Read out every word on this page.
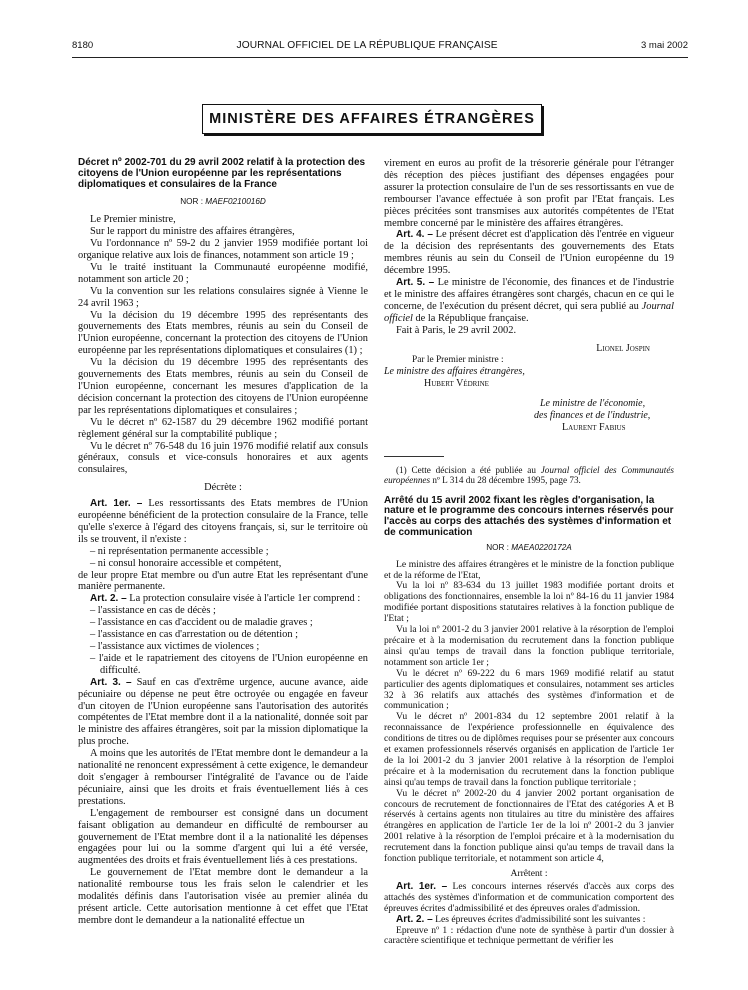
8180	JOURNAL OFFICIEL DE LA RÉPUBLIQUE FRANÇAISE	3 mai 2002
MINISTÈRE DES AFFAIRES ÉTRANGÈRES

Décret nº 2002-701 du 29 avril 2002 relatif à la protection des citoyens de l'Union européenne par les représentations diplomatiques et consulaires de la France

NOR : MAEF0210016D

Le Premier ministre,

Sur le rapport du ministre des affaires étrangères,

Vu l'ordonnance nº 59-2 du 2 janvier 1959 modifiée portant loi organique relative aux lois de finances, notamment son article 19 ;

Vu le traité instituant la Communauté européenne modifié, notamment son article 20 ;

Vu la convention sur les relations consulaires signée à Vienne le 24 avril 1963 ;

Vu la décision du 19 décembre 1995 des représentants des gouvernements des Etats membres, réunis au sein du Conseil de l'Union européenne, concernant la protection des citoyens de l'Union européenne par les représentations diplomatiques et consulaires (1) ;

Vu la décision du 19 décembre 1995 des représentants des gouvernements des Etats membres, réunis au sein du Conseil de l'Union européenne, concernant les mesures d'application de la décision concernant la protection des citoyens de l'Union européenne par les représentations diplomatiques et consulaires ;

Vu le décret nº 62-1587 du 29 décembre 1962 modifié portant règlement général sur la comptabilité publique ;

Vu le décret nº 76-548 du 16 juin 1976 modifié relatif aux consuls généraux, consuls et vice-consuls honoraires et aux agents consulaires,

Décrète :

Art. 1er. – Les ressortissants des Etats membres de l'Union européenne bénéficient de la protection consulaire de la France, telle qu'elle s'exerce à l'égard des citoyens français, si, sur le territoire où ils se trouvent, il n'existe :

– ni représentation permanente accessible ;

– ni consul honoraire accessible et compétent,

de leur propre Etat membre ou d'un autre Etat les représentant d'une manière permanente.

Art. 2. – La protection consulaire visée à l'article 1er comprend :

– l'assistance en cas de décès ;

– l'assistance en cas d'accident ou de maladie graves ;

– l'assistance en cas d'arrestation ou de détention ;

– l'assistance aux victimes de violences ;

– l'aide et le rapatriement des citoyens de l'Union européenne en difficulté.

Art. 3. – Sauf en cas d'extrême urgence, aucune avance, aide pécuniaire ou dépense ne peut être octroyée ou engagée en faveur d'un citoyen de l'Union européenne sans l'autorisation des autorités compétentes de l'Etat membre dont il a la nationalité, donnée soit par le ministre des affaires étrangères, soit par la mission diplomatique la plus proche.

A moins que les autorités de l'Etat membre dont le demandeur a la nationalité ne renoncent expressément à cette exigence, le demandeur doit s'engager à rembourser l'intégralité de l'avance ou de l'aide pécuniaire, ainsi que les droits et frais éventuellement liés à ces prestations.

L'engagement de rembourser est consigné dans un document faisant obligation au demandeur en difficulté de rembourser au gouvernement de l'Etat membre dont il a la nationalité les dépenses engagées pour lui ou la somme d'argent qui lui a été versée, augmentées des droits et frais éventuellement liés à ces prestations.

Le gouvernement de l'Etat membre dont le demandeur a la nationalité rembourse tous les frais selon le calendrier et les modalités définis dans l'autorisation visée au premier alinéa du présent article. Cette autorisation mentionne à cet effet que l'Etat membre dont le demandeur a la nationalité effectue un

virement en euros au profit de la trésorerie générale pour l'étranger dès réception des pièces justifiant des dépenses engagées pour assurer la protection consulaire de l'un de ses ressortissants en vue de rembourser l'avance effectuée à son profit par l'Etat français. Les pièces précitées sont transmises aux autorités compétentes de l'Etat membre concerné par le ministère des affaires étrangères.

Art. 4. – Le présent décret est d'application dès l'entrée en vigueur de la décision des représentants des gouvernements des Etats membres réunis au sein du Conseil de l'Union européenne du 19 décembre 1995.

Art. 5. – Le ministre de l'économie, des finances et de l'industrie et le ministre des affaires étrangères sont chargés, chacun en ce qui le concerne, de l'exécution du présent décret, qui sera publié au Journal officiel de la République française.

Fait à Paris, le 29 avril 2002.

Lionel Jospin

Par le Premier ministre :

Le ministre des affaires étrangères,

Hubert Védrine

Le ministre de l'économie,

des finances et de l'industrie,

Laurent Fabius

(1) Cette décision a été publiée au Journal officiel des Communautés européennes nº L 314 du 28 décembre 1995, page 73.

Arrêté du 15 avril 2002 fixant les règles d'organisation, la nature et le programme des concours internes réservés pour l'accès au corps des attachés des systèmes d'information et de communication

NOR : MAEA0220172A

Le ministre des affaires étrangères et le ministre de la fonction publique et de la réforme de l'Etat,

Vu la loi nº 83-634 du 13 juillet 1983 modifiée portant droits et obligations des fonctionnaires, ensemble la loi nº 84-16 du 11 janvier 1984 modifiée portant dispositions statutaires relatives à la fonction publique de l'Etat ;

Vu la loi nº 2001-2 du 3 janvier 2001 relative à la résorption de l'emploi précaire et à la modernisation du recrutement dans la fonction publique ainsi qu'au temps de travail dans la fonction publique territoriale, notamment son article 1er ;

Vu le décret nº 69-222 du 6 mars 1969 modifié relatif au statut particulier des agents diplomatiques et consulaires, notamment ses articles 32 à 36 relatifs aux attachés des systèmes d'information et de communication ;

Vu le décret nº 2001-834 du 12 septembre 2001 relatif à la reconnaissance de l'expérience professionnelle en équivalence des conditions de titres ou de diplômes requises pour se présenter aux concours et examen professionnels réservés organisés en application de l'article 1er de la loi 2001-2 du 3 janvier 2001 relative à la résorption de l'emploi précaire et à la modernisation du recrutement dans la fonction publique ainsi qu'au temps de travail dans la fonction publique territoriale ;

Vu le décret nº 2002-20 du 4 janvier 2002 portant organisation de concours de recrutement de fonctionnaires de l'Etat des catégories A et B réservés à certains agents non titulaires au titre du ministère des affaires étrangères en application de l'article 1er de la loi nº 2001-2 du 3 janvier 2001 relative à la résorption de l'emploi précaire et à la modernisation du recrutement dans la fonction publique ainsi qu'au temps de travail dans la fonction publique territoriale, et notamment son article 4,

Arrêtent :

Art. 1er. – Les concours internes réservés d'accès aux corps des attachés des systèmes d'information et de communication comportent des épreuves écrites d'admissibilité et des épreuves orales d'admission.

Art. 2. – Les épreuves écrites d'admissibilité sont les suivantes :

Epreuve nº 1 : rédaction d'une note de synthèse à partir d'un dossier à caractère scientifique et technique permettant de vérifier les
